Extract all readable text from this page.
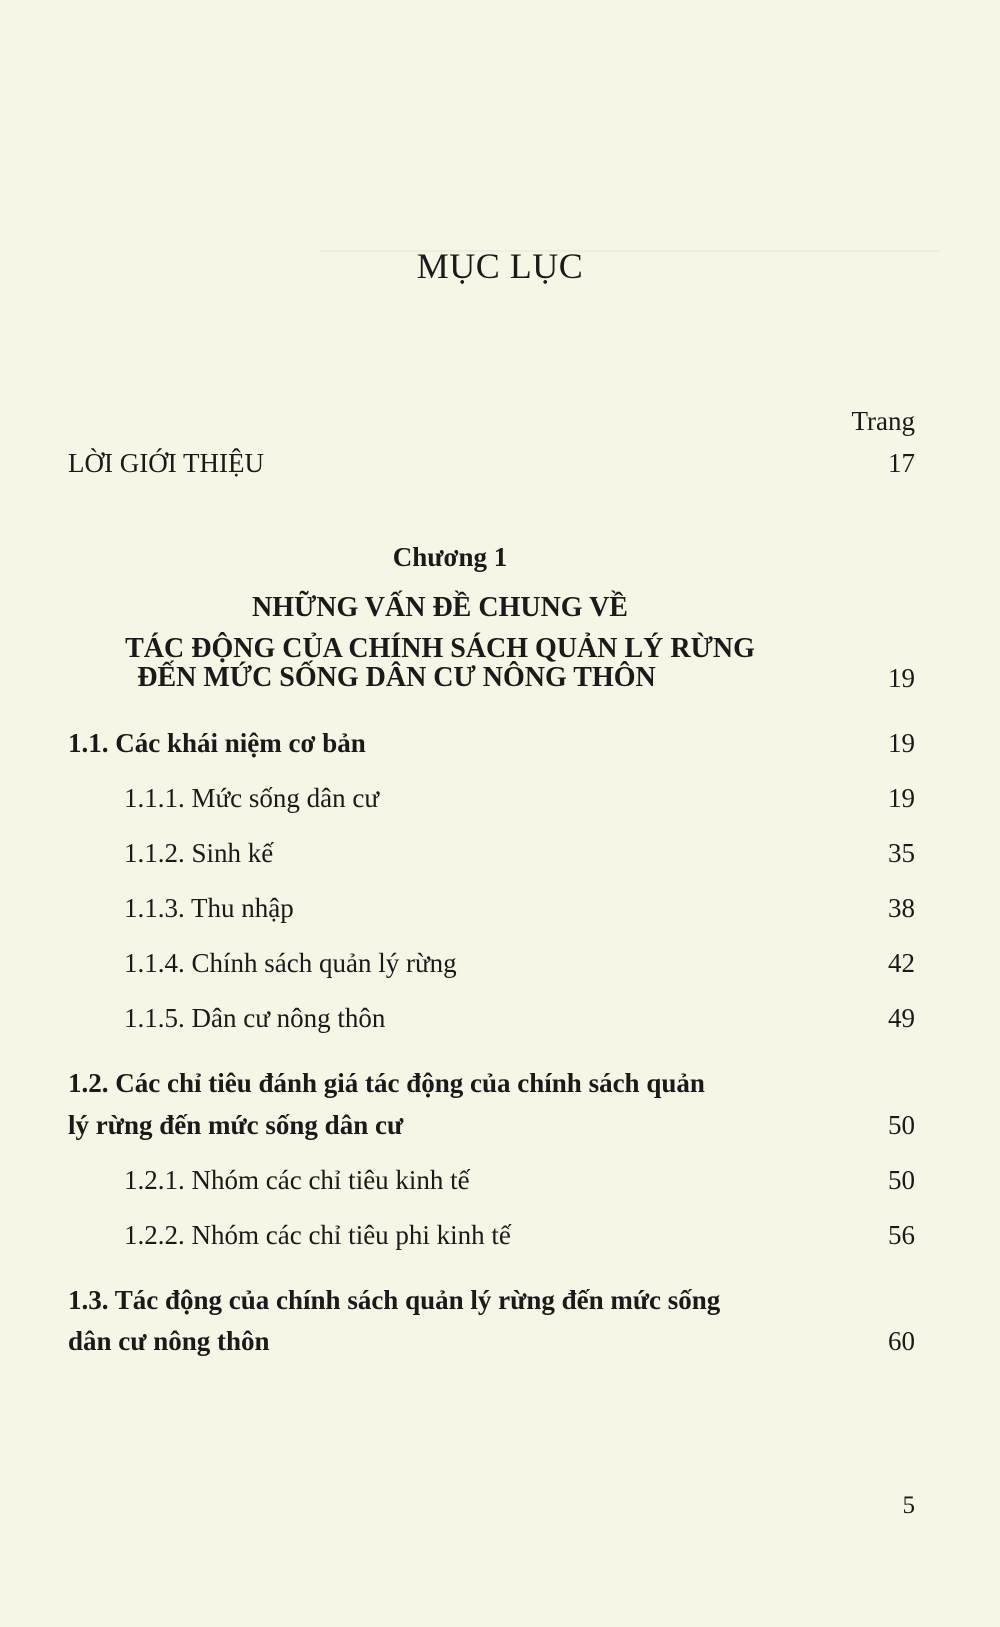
MỤC LỤC
Trang
LỜI GIỚI THIỆU	17
Chương 1
NHỮNG VẤN ĐỀ CHUNG VỀ
TÁC ĐỘNG CỦA CHÍNH SÁCH QUẢN LÝ RỪNG
ĐẾN MỨC SỐNG DÂN CƯ NÔNG THÔN	19
1.1. Các khái niệm cơ bản	19
1.1.1. Mức sống dân cư	19
1.1.2. Sinh kế	35
1.1.3. Thu nhập	38
1.1.4. Chính sách quản lý rừng	42
1.1.5. Dân cư nông thôn	49
1.2. Các chỉ tiêu đánh giá tác động của chính sách quản
lý rừng đến mức sống dân cư	50
1.2.1. Nhóm các chỉ tiêu kinh tế	50
1.2.2. Nhóm các chỉ tiêu phi kinh tế	56
1.3. Tác động của chính sách quản lý rừng đến mức sống
dân cư nông thôn	60
5
